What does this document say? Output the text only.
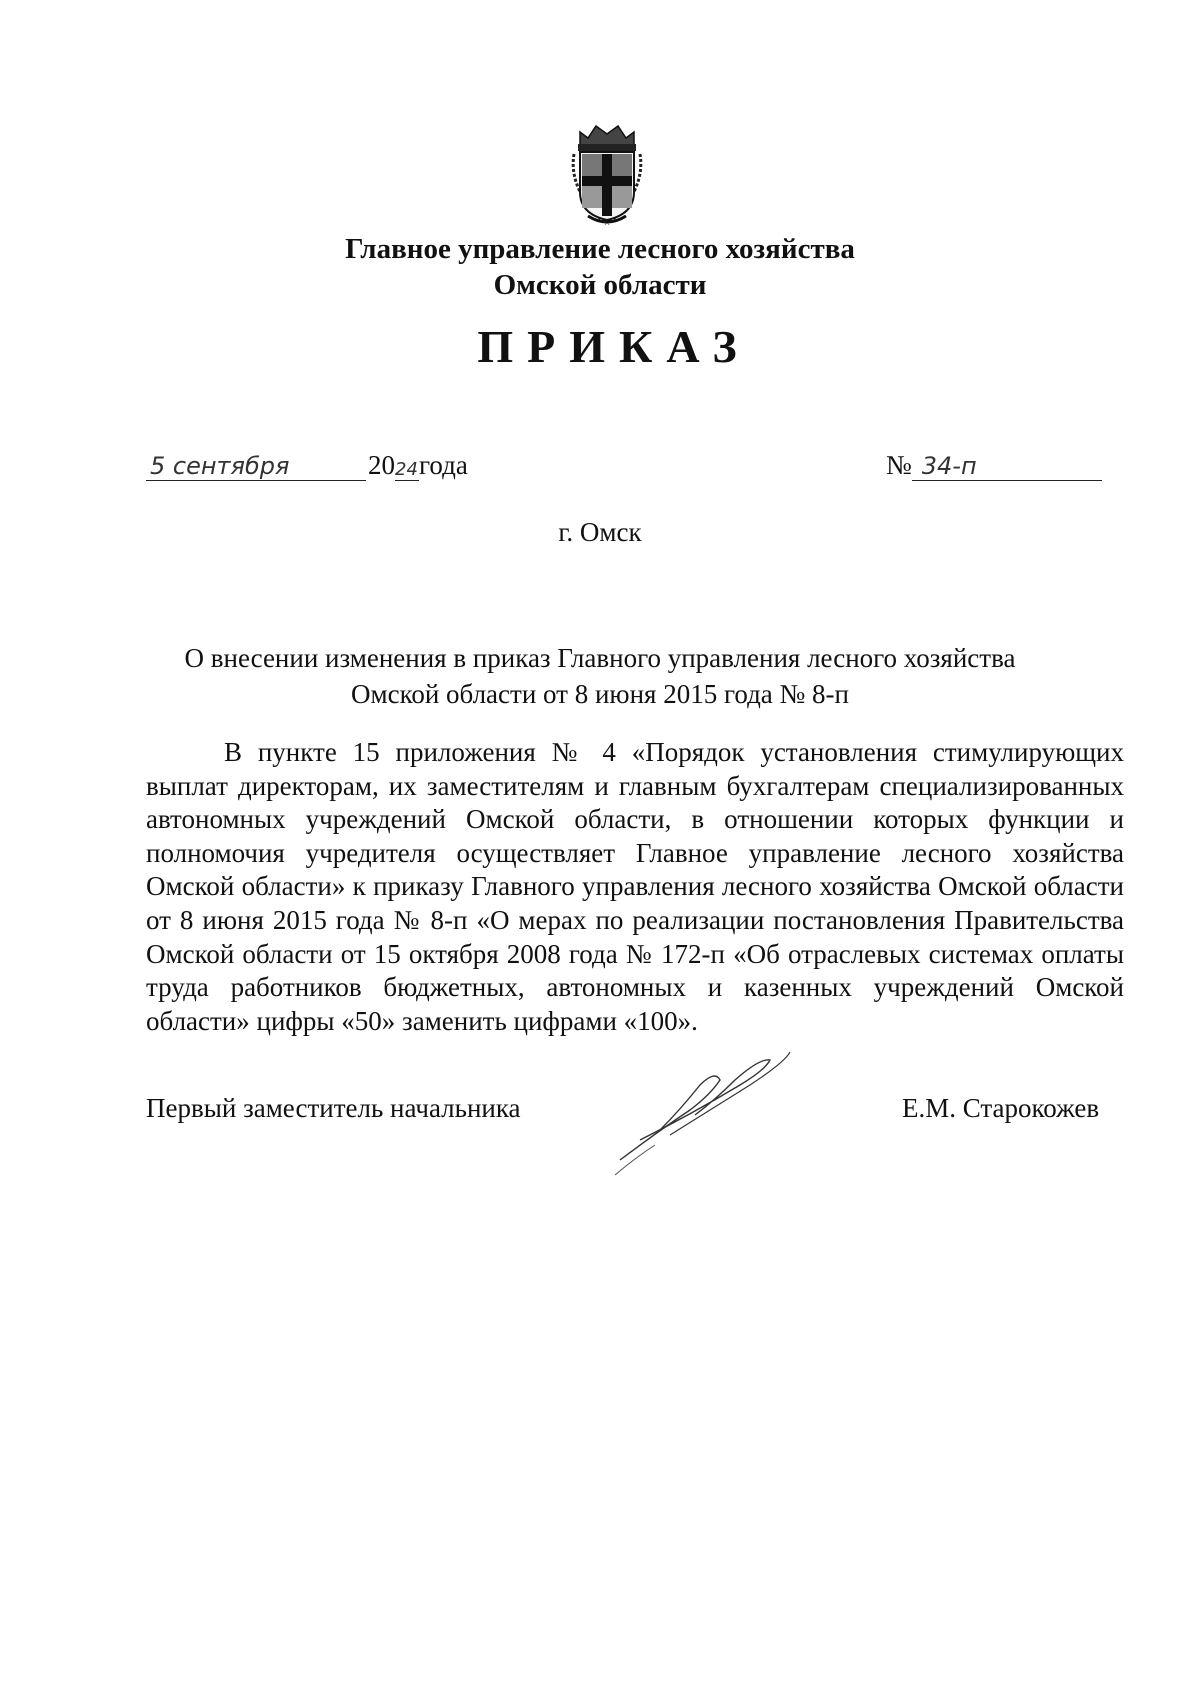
Главное управление лесного хозяйства
Омской области
ПРИКАЗ
5 сентября	20 24 года	№ 34-п
г. Омск
О внесении изменения в приказ Главного управления лесного хозяйства
Омской области от 8 июня 2015 года № 8-п

В пункте 15 приложения № 4 «Порядок установления стимулирующих выплат директорам, их заместителям и главным бухгалтерам специализированных автономных учреждений Омской области, в отношении которых функции и полномочия учредителя осуществляет Главное управление лесного хозяйства Омской области» к приказу Главного управления лесного хозяйства Омской области от 8 июня 2015 года № 8-п «О мерах по реализации постановления Правительства Омской области от 15 октября 2008 года № 172-п «Об отраслевых системах оплаты труда работников бюджетных, автономных и казенных учреждений Омской области» цифры «50» заменить цифрами «100».

Первый заместитель начальника	Е.М. Старокожев
